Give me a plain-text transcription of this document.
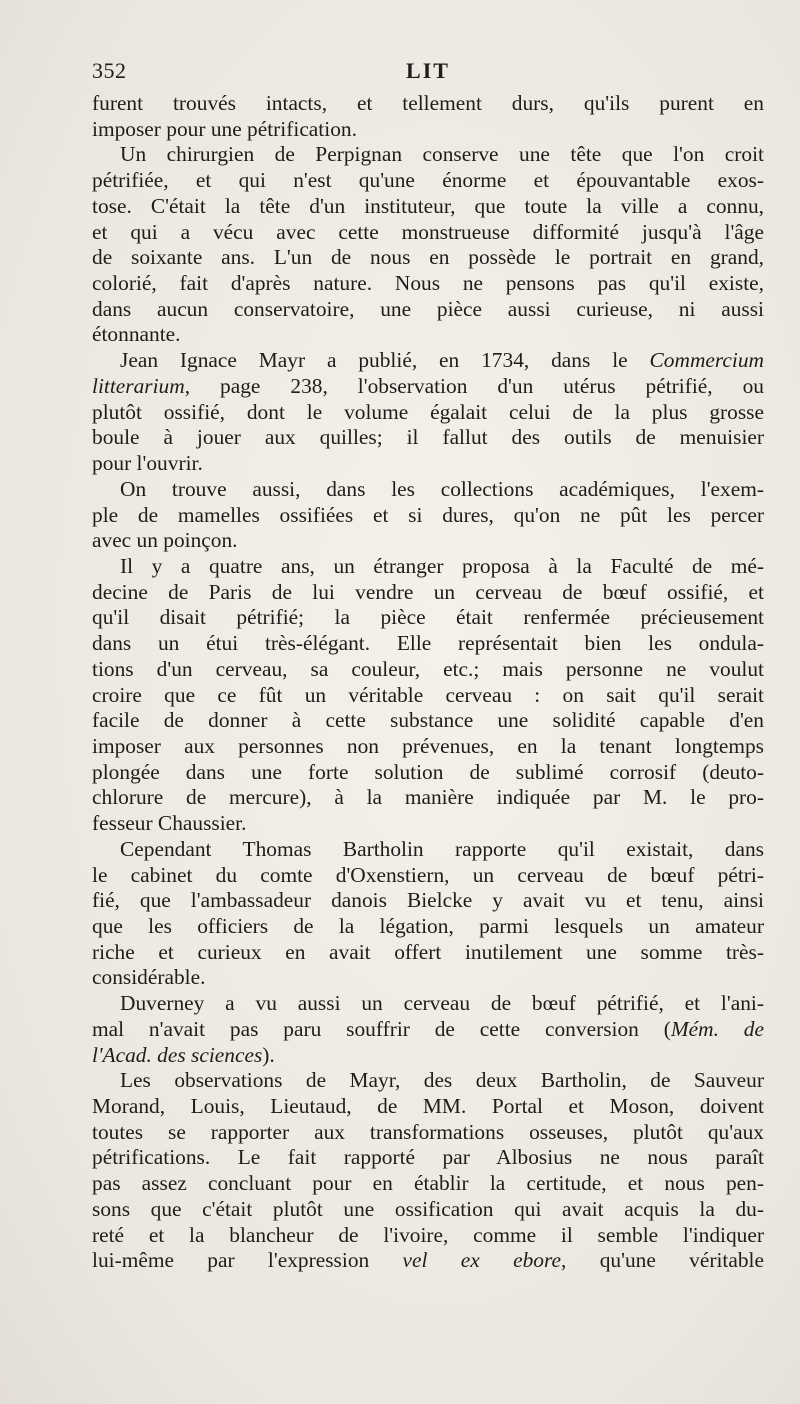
352	LIT
furent trouvés intacts, et tellement durs, qu'ils purent en
imposer pour une pétrification.
Un chirurgien de Perpignan conserve une tête que l'on croit
pétrifiée, et qui n'est qu'une énorme et épouvantable exos-
tose. C'était la tête d'un instituteur, que toute la ville a connu,
et qui a vécu avec cette monstrueuse difformité jusqu'à l'âge
de soixante ans. L'un de nous en possède le portrait en grand,
colorié, fait d'après nature. Nous ne pensons pas qu'il existe,
dans aucun conservatoire, une pièce aussi curieuse, ni aussi
étonnante.
Jean Ignace Mayr a publié, en 1734, dans le Commercium
litterarium, page 238, l'observation d'un utérus pétrifié, ou
plutôt ossifié, dont le volume égalait celui de la plus grosse
boule à jouer aux quilles; il fallut des outils de menuisier
pour l'ouvrir.
On trouve aussi, dans les collections académiques, l'exem-
ple de mamelles ossifiées et si dures, qu'on ne pût les percer
avec un poinçon.
Il y a quatre ans, un étranger proposa à la Faculté de mé-
decine de Paris de lui vendre un cerveau de bœuf ossifié, et
qu'il disait pétrifié; la pièce était renfermée précieusement
dans un étui très-élégant. Elle représentait bien les ondula-
tions d'un cerveau, sa couleur, etc.; mais personne ne voulut
croire que ce fût un véritable cerveau : on sait qu'il serait
facile de donner à cette substance une solidité capable d'en
imposer aux personnes non prévenues, en la tenant longtemps
plongée dans une forte solution de sublimé corrosif (deuto-
chlorure de mercure), à la manière indiquée par M. le pro-
fesseur Chaussier.
Cependant Thomas Bartholin rapporte qu'il existait, dans
le cabinet du comte d'Oxenstiern, un cerveau de bœuf pétri-
fié, que l'ambassadeur danois Bielcke y avait vu et tenu, ainsi
que les officiers de la légation, parmi lesquels un amateur
riche et curieux en avait offert inutilement une somme très-
considérable.
Duverney a vu aussi un cerveau de bœuf pétrifié, et l'ani-
mal n'avait pas paru souffrir de cette conversion (Mém. de
l'Acad. des sciences).
Les observations de Mayr, des deux Bartholin, de Sauveur
Morand, Louis, Lieutaud, de MM. Portal et Moson, doivent
toutes se rapporter aux transformations osseuses, plutôt qu'aux
pétrifications. Le fait rapporté par Albosius ne nous paraît
pas assez concluant pour en établir la certitude, et nous pen-
sons que c'était plutôt une ossification qui avait acquis la du-
reté et la blancheur de l'ivoire, comme il semble l'indiquer
lui-même par l'expression vel ex ebore, qu'une véritable
